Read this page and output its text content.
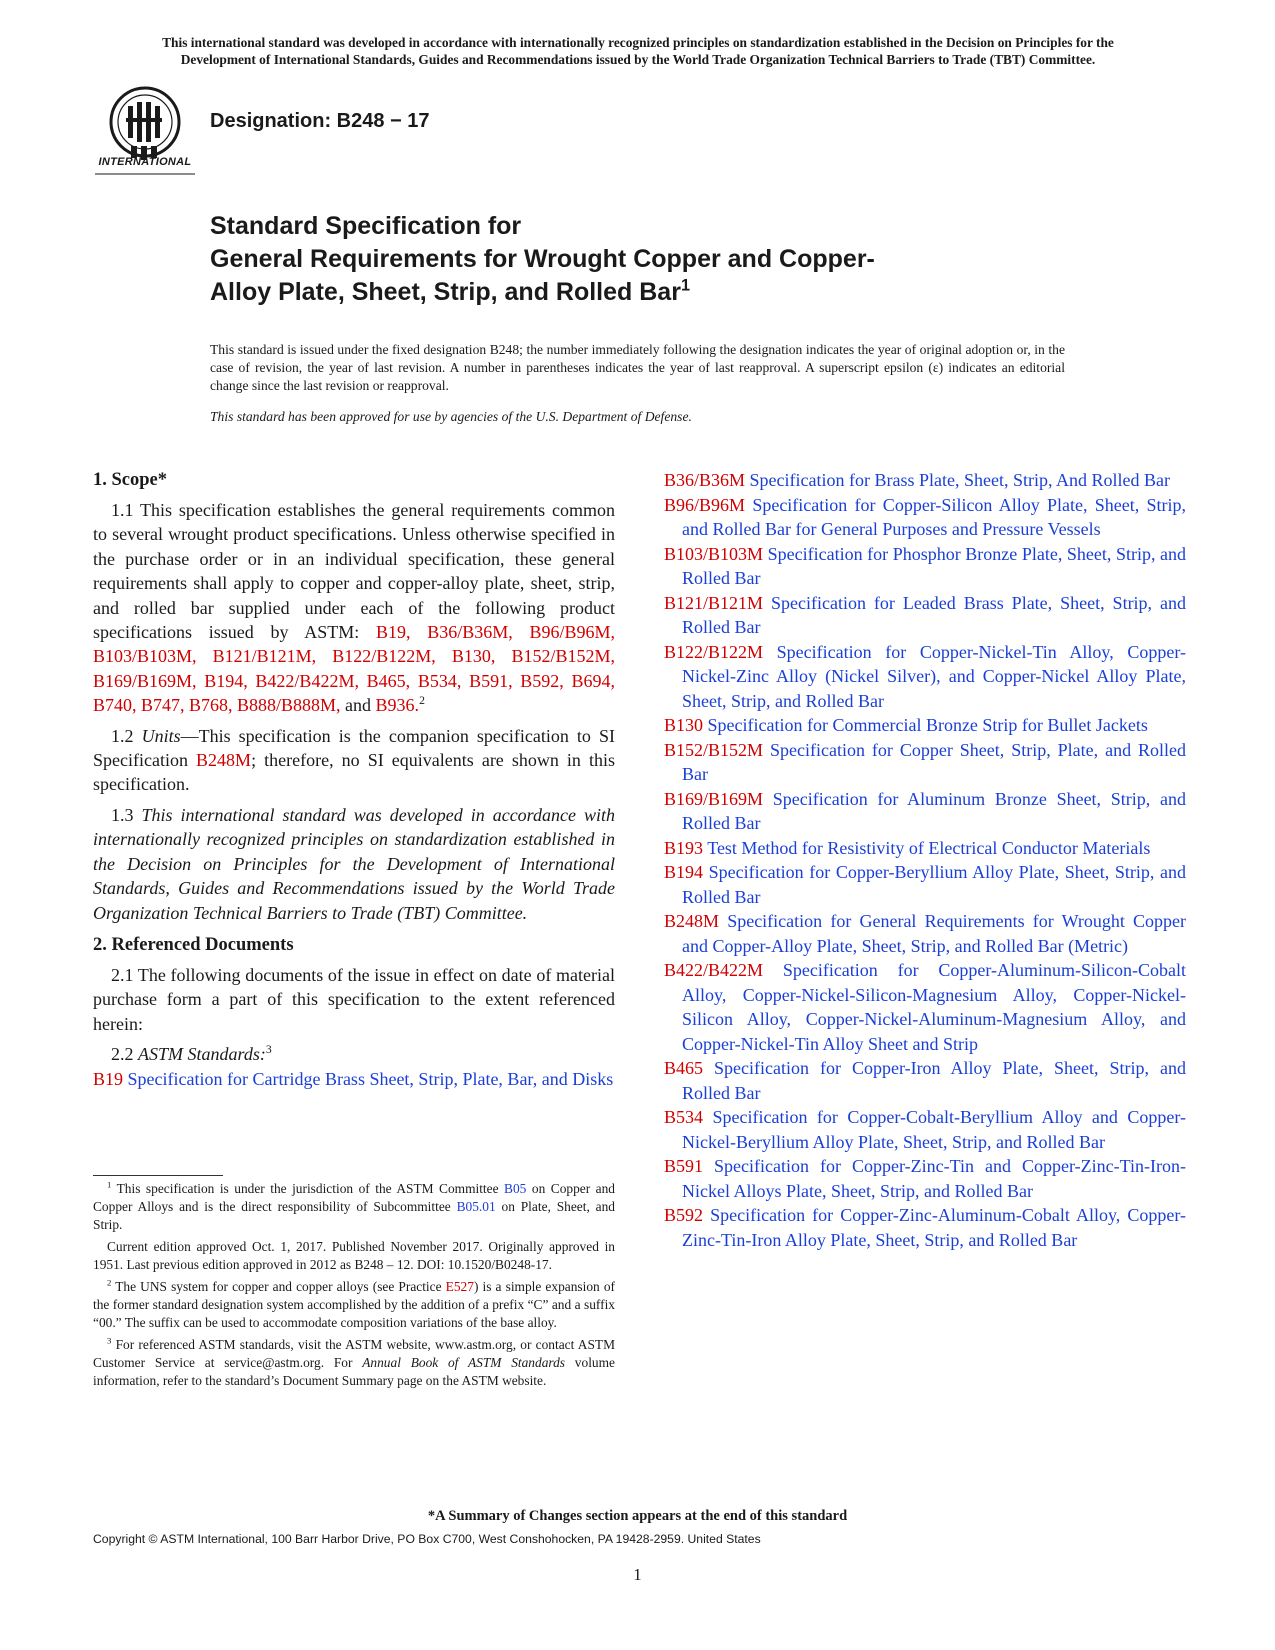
This international standard was developed in accordance with internationally recognized principles on standardization established in the Decision on Principles for the
Development of International Standards, Guides and Recommendations issued by the World Trade Organization Technical Barriers to Trade (TBT) Committee.
INTERNATIONAL
Designation: B248 − 17
Standard Specification for
General Requirements for Wrought Copper and Copper-
Alloy Plate, Sheet, Strip, and Rolled Bar$^1$
This standard is issued under the fixed designation B248; the number immediately following the designation indicates the year of original adoption or, in the case of revision, the year of last revision. A number in parentheses indicates the year of last reapproval. A superscript epsilon (ε) indicates an editorial change since the last revision or reapproval.
This standard has been approved for use by agencies of the U.S. Department of Defense.
1. Scope*

1.1 This specification establishes the general requirements common to several wrought product specifications. Unless otherwise specified in the purchase order or in an individual specification, these general requirements shall apply to copper and copper-alloy plate, sheet, strip, and rolled bar supplied under each of the following product specifications issued by ASTM: B19, B36/B36M, B96/B96M, B103/B103M, B121/B121M, B122/B122M, B130, B152/B152M, B169/B169M, B194, B422/B422M, B465, B534, B591, B592, B694, B740, B747, B768, B888/B888M, and B936.$^2$

1.2 Units—This specification is the companion specification to SI Specification B248M; therefore, no SI equivalents are shown in this specification.

1.3 This international standard was developed in accordance with internationally recognized principles on standardization established in the Decision on Principles for the Development of International Standards, Guides and Recommendations issued by the World Trade Organization Technical Barriers to Trade (TBT) Committee.

2. Referenced Documents

2.1 The following documents of the issue in effect on date of material purchase form a part of this specification to the extent referenced herein:

2.2 ASTM Standards:$^3$

B19 Specification for Cartridge Brass Sheet, Strip, Plate, Bar, and Disks
$^1$ This specification is under the jurisdiction of the ASTM Committee B05 on Copper and Copper Alloys and is the direct responsibility of Subcommittee B05.01 on Plate, Sheet, and Strip.
Current edition approved Oct. 1, 2017. Published November 2017. Originally approved in 1951. Last previous edition approved in 2012 as B248 – 12. DOI: 10.1520/B0248-17.
$^2$ The UNS system for copper and copper alloys (see Practice E527) is a simple expansion of the former standard designation system accomplished by the addition of a prefix “C” and a suffix “00.” The suffix can be used to accommodate composition variations of the base alloy.
$^3$ For referenced ASTM standards, visit the ASTM website, www.astm.org, or contact ASTM Customer Service at service@astm.org. For Annual Book of ASTM Standards volume information, refer to the standard’s Document Summary page on the ASTM website.
B36/B36M Specification for Brass Plate, Sheet, Strip, And Rolled Bar
B96/B96M Specification for Copper-Silicon Alloy Plate, Sheet, Strip, and Rolled Bar for General Purposes and Pressure Vessels
B103/B103M Specification for Phosphor Bronze Plate, Sheet, Strip, and Rolled Bar
B121/B121M Specification for Leaded Brass Plate, Sheet, Strip, and Rolled Bar
B122/B122M Specification for Copper-Nickel-Tin Alloy, Copper-Nickel-Zinc Alloy (Nickel Silver), and Copper-Nickel Alloy Plate, Sheet, Strip, and Rolled Bar
B130 Specification for Commercial Bronze Strip for Bullet Jackets
B152/B152M Specification for Copper Sheet, Strip, Plate, and Rolled Bar
B169/B169M Specification for Aluminum Bronze Sheet, Strip, and Rolled Bar
B193 Test Method for Resistivity of Electrical Conductor Materials
B194 Specification for Copper-Beryllium Alloy Plate, Sheet, Strip, and Rolled Bar
B248M Specification for General Requirements for Wrought Copper and Copper-Alloy Plate, Sheet, Strip, and Rolled Bar (Metric)
B422/B422M Specification for Copper-Aluminum-Silicon-Cobalt Alloy, Copper-Nickel-Silicon-Magnesium Alloy, Copper-Nickel-Silicon Alloy, Copper-Nickel-Aluminum-Magnesium Alloy, and Copper-Nickel-Tin Alloy Sheet and Strip
B465 Specification for Copper-Iron Alloy Plate, Sheet, Strip, and Rolled Bar
B534 Specification for Copper-Cobalt-Beryllium Alloy and Copper-Nickel-Beryllium Alloy Plate, Sheet, Strip, and Rolled Bar
B591 Specification for Copper-Zinc-Tin and Copper-Zinc-Tin-Iron-Nickel Alloys Plate, Sheet, Strip, and Rolled Bar
B592 Specification for Copper-Zinc-Aluminum-Cobalt Alloy, Copper-Zinc-Tin-Iron Alloy Plate, Sheet, Strip, and Rolled Bar
*A Summary of Changes section appears at the end of this standard
Copyright © ASTM International, 100 Barr Harbor Drive, PO Box C700, West Conshohocken, PA 19428-2959. United States
1
